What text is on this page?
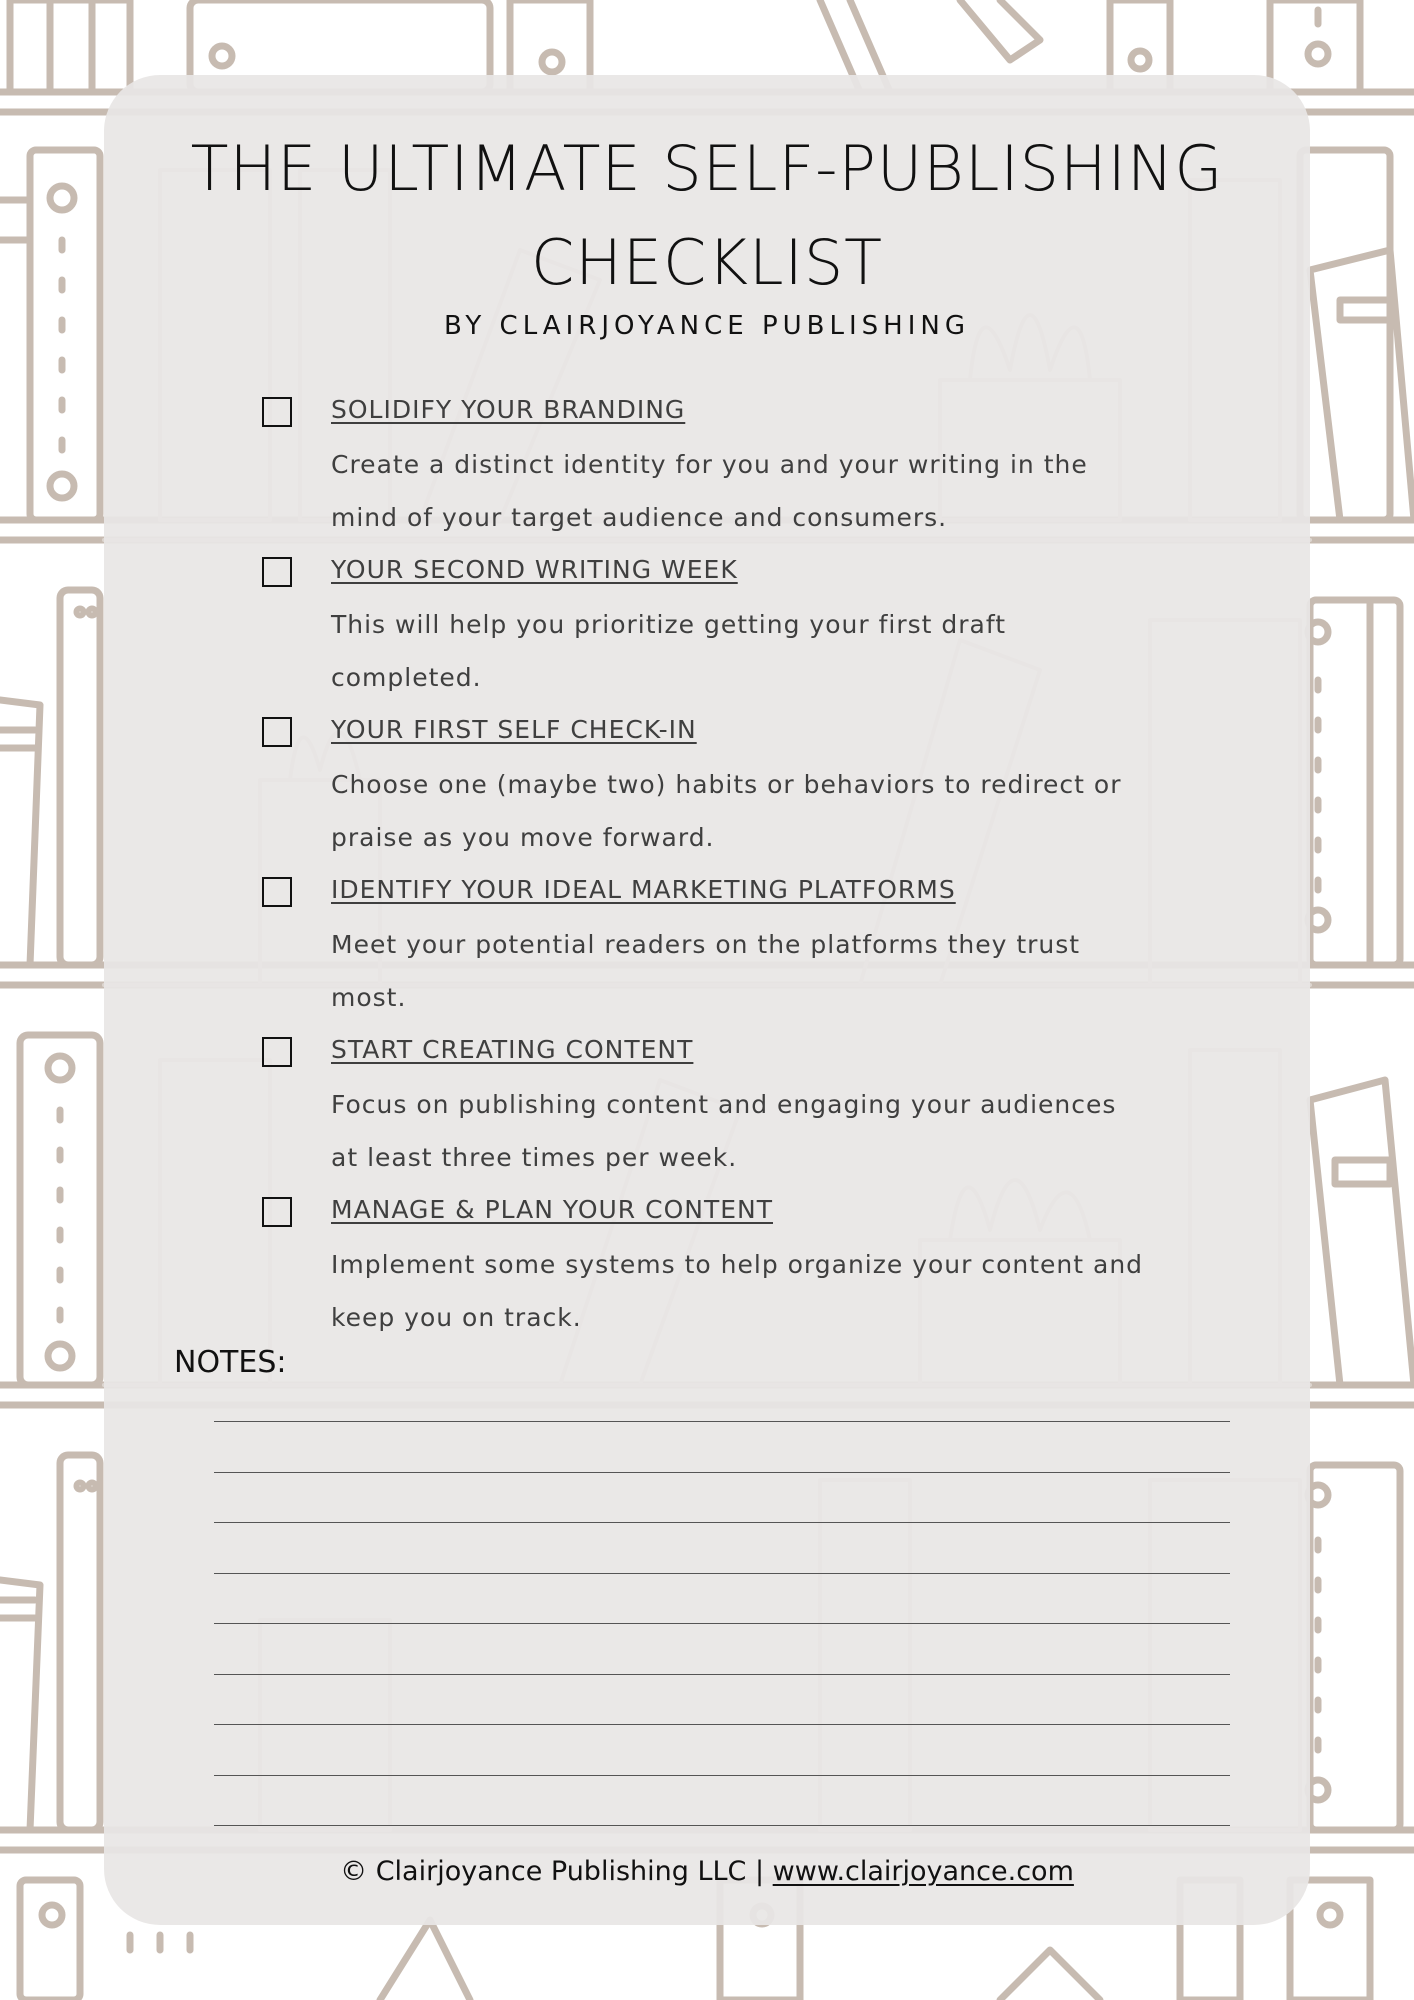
THE ULTIMATE SELF-PUBLISHING
CHECKLIST

BY CLAIRJOYANCE PUBLISHING

SOLIDIFY YOUR BRANDING
Create a distinct identity for you and your writing in the
mind of your target audience and consumers.
YOUR SECOND WRITING WEEK
This will help you prioritize getting your first draft
completed.
YOUR FIRST SELF CHECK-IN
Choose one (maybe two) habits or behaviors to redirect or
praise as you move forward.
IDENTIFY YOUR IDEAL MARKETING PLATFORMS
Meet your potential readers on the platforms they trust
most.
START CREATING CONTENT
Focus on publishing content and engaging your audiences
at least three times per week.
MANAGE & PLAN YOUR CONTENT
Implement some systems to help organize your content and
keep you on track.
NOTES:
© Clairjoyance Publishing LLC | www.clairjoyance.com
